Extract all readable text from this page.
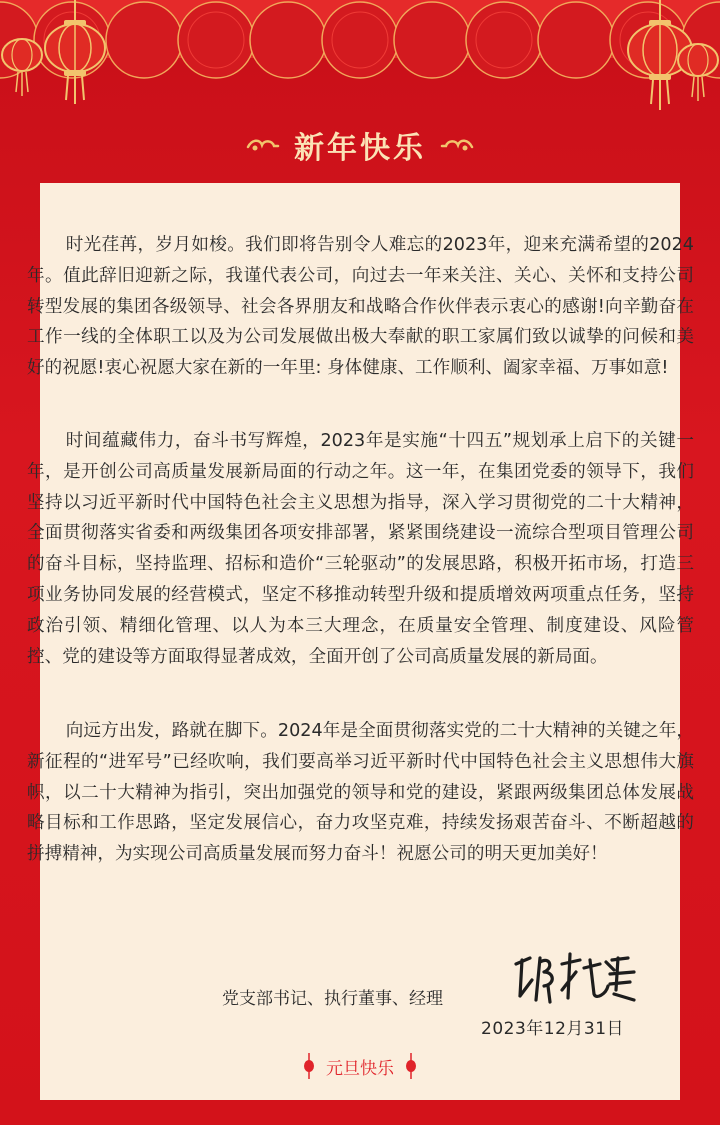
新年快乐

时光荏苒，岁月如梭。我们即将告别令人难忘的2023年，迎来充满希望的2024年。值此辞旧迎新之际，我谨代表公司，向过去一年来关注、关心、关怀和支持公司转型发展的集团各级领导、社会各界朋友和战略合作伙伴表示衷心的感谢!向辛勤奋在工作一线的全体职工以及为公司发展做出极大奉献的职工家属们致以诚挚的问候和美好的祝愿!衷心祝愿大家在新的一年里: 身体健康、工作顺利、阖家幸福、万事如意!

时间蕴藏伟力，奋斗书写辉煌，2023年是实施“十四五”规划承上启下的关键一年，是开创公司高质量发展新局面的行动之年。这一年，在集团党委的领导下，我们坚持以习近平新时代中国特色社会主义思想为指导，深入学习贯彻党的二十大精神，全面贯彻落实省委和两级集团各项安排部署，紧紧围绕建设一流综合型项目管理公司的奋斗目标，坚持监理、招标和造价“三轮驱动”的发展思路，积极开拓市场，打造三项业务协同发展的经营模式，坚定不移推动转型升级和提质增效两项重点任务，坚持政治引领、精细化管理、以人为本三大理念，在质量安全管理、制度建设、风险管控、党的建设等方面取得显著成效，全面开创了公司高质量发展的新局面。

向远方出发，路就在脚下。2024年是全面贯彻落实党的二十大精神的关键之年，新征程的“进军号”已经吹响，我们要高举习近平新时代中国特色社会主义思想伟大旗帜，以二十大精神为指引，突出加强党的领导和党的建设，紧跟两级集团总体发展战略目标和工作思路，坚定发展信心，奋力攻坚克难，持续发扬艰苦奋斗、不断超越的拼搏精神，为实现公司高质量发展而努力奋斗！祝愿公司的明天更加美好！

党支部书记、执行董事、经理
2023年12月31日
元旦快乐
